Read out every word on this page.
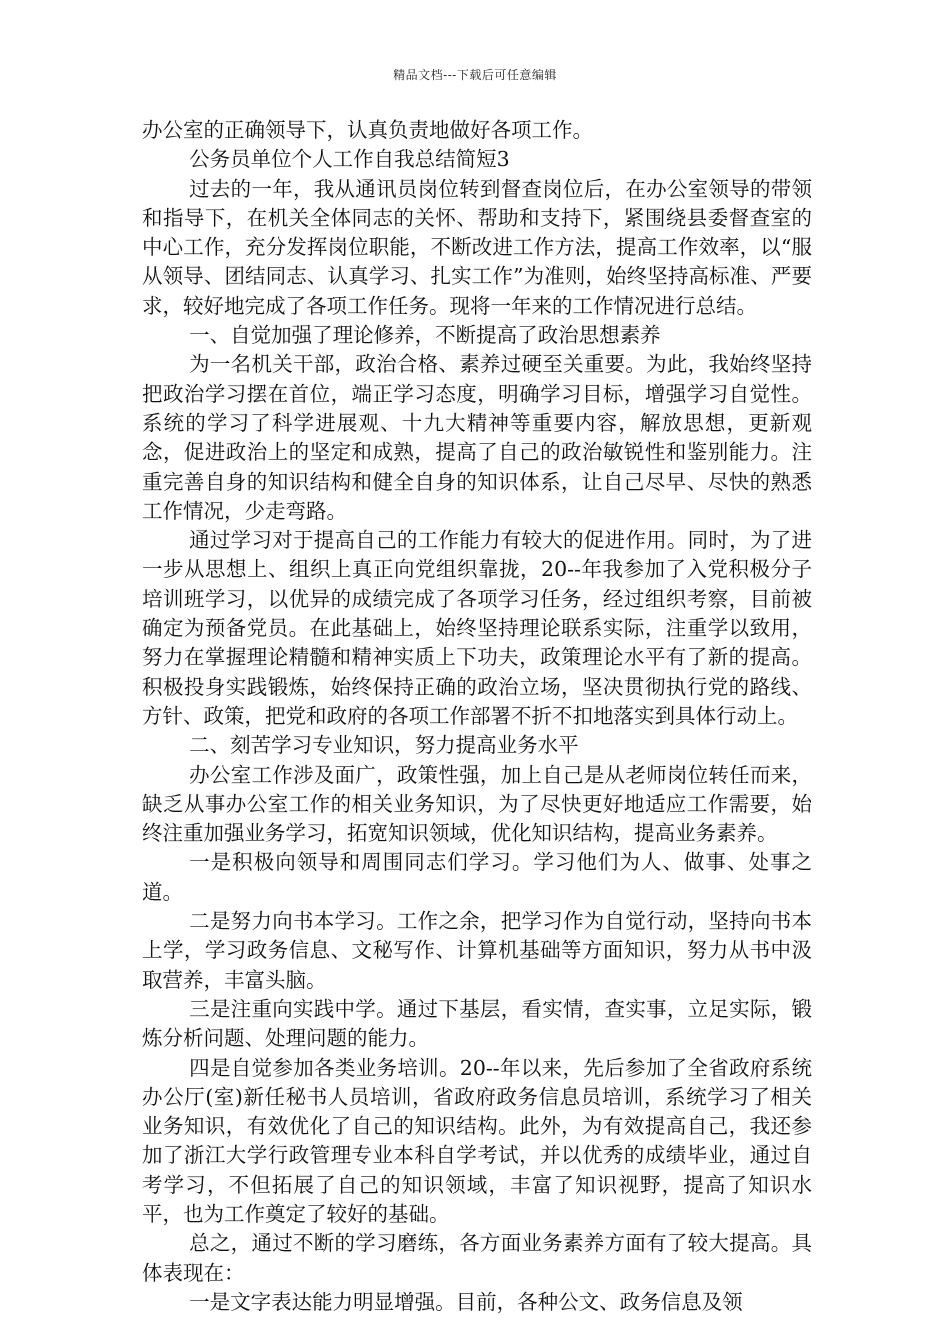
精品文档---下载后可任意编辑

办公室的正确领导下，认真负责地做好各项工作。

公务员单位个人工作自我总结简短3

过去的一年，我从通讯员岗位转到督查岗位后，在办公室领导的带领和指导下，在机关全体同志的关怀、帮助和支持下，紧围绕县委督查室的中心工作，充分发挥岗位职能，不断改进工作方法，提高工作效率，以“服从领导、团结同志、认真学习、扎实工作”为准则，始终坚持高标准、严要求，较好地完成了各项工作任务。现将一年来的工作情况进行总结。

一、自觉加强了理论修养，不断提高了政治思想素养

为一名机关干部，政治合格、素养过硬至关重要。为此，我始终坚持把政治学习摆在首位，端正学习态度，明确学习目标，增强学习自觉性。系统的学习了科学进展观、十九大精神等重要内容，解放思想，更新观念，促进政治上的坚定和成熟，提高了自己的政治敏锐性和鉴别能力。注重完善自身的知识结构和健全自身的知识体系，让自己尽早、尽快的熟悉工作情况，少走弯路。

通过学习对于提高自己的工作能力有较大的促进作用。同时，为了进一步从思想上、组织上真正向党组织靠拢，20--年我参加了入党积极分子培训班学习，以优异的成绩完成了各项学习任务，经过组织考察，目前被确定为预备党员。在此基础上，始终坚持理论联系实际，注重学以致用，努力在掌握理论精髓和精神实质上下功夫，政策理论水平有了新的提高。积极投身实践锻炼，始终保持正确的政治立场，坚决贯彻执行党的路线、方针、政策，把党和政府的各项工作部署不折不扣地落实到具体行动上。

二、刻苦学习专业知识，努力提高业务水平

办公室工作涉及面广，政策性强，加上自己是从老师岗位转任而来，缺乏从事办公室工作的相关业务知识，为了尽快更好地适应工作需要，始终注重加强业务学习，拓宽知识领域，优化知识结构，提高业务素养。

一是积极向领导和周围同志们学习。学习他们为人、做事、处事之道。

二是努力向书本学习。工作之余，把学习作为自觉行动，坚持向书本上学，学习政务信息、文秘写作、计算机基础等方面知识，努力从书中汲取营养，丰富头脑。

三是注重向实践中学。通过下基层，看实情，查实事，立足实际，锻炼分析问题、处理问题的能力。

四是自觉参加各类业务培训。20--年以来，先后参加了全省政府系统办公厅(室)新任秘书人员培训，省政府政务信息员培训，系统学习了相关业务知识，有效优化了自己的知识结构。此外，为有效提高自己，我还参加了浙江大学行政管理专业本科自学考试，并以优秀的成绩毕业，通过自考学习，不但拓展了自己的知识领域，丰富了知识视野，提高了知识水平，也为工作奠定了较好的基础。

总之，通过不断的学习磨练，各方面业务素养方面有了较大提高。具体表现在：

一是文字表达能力明显增强。目前，各种公文、政务信息及领
